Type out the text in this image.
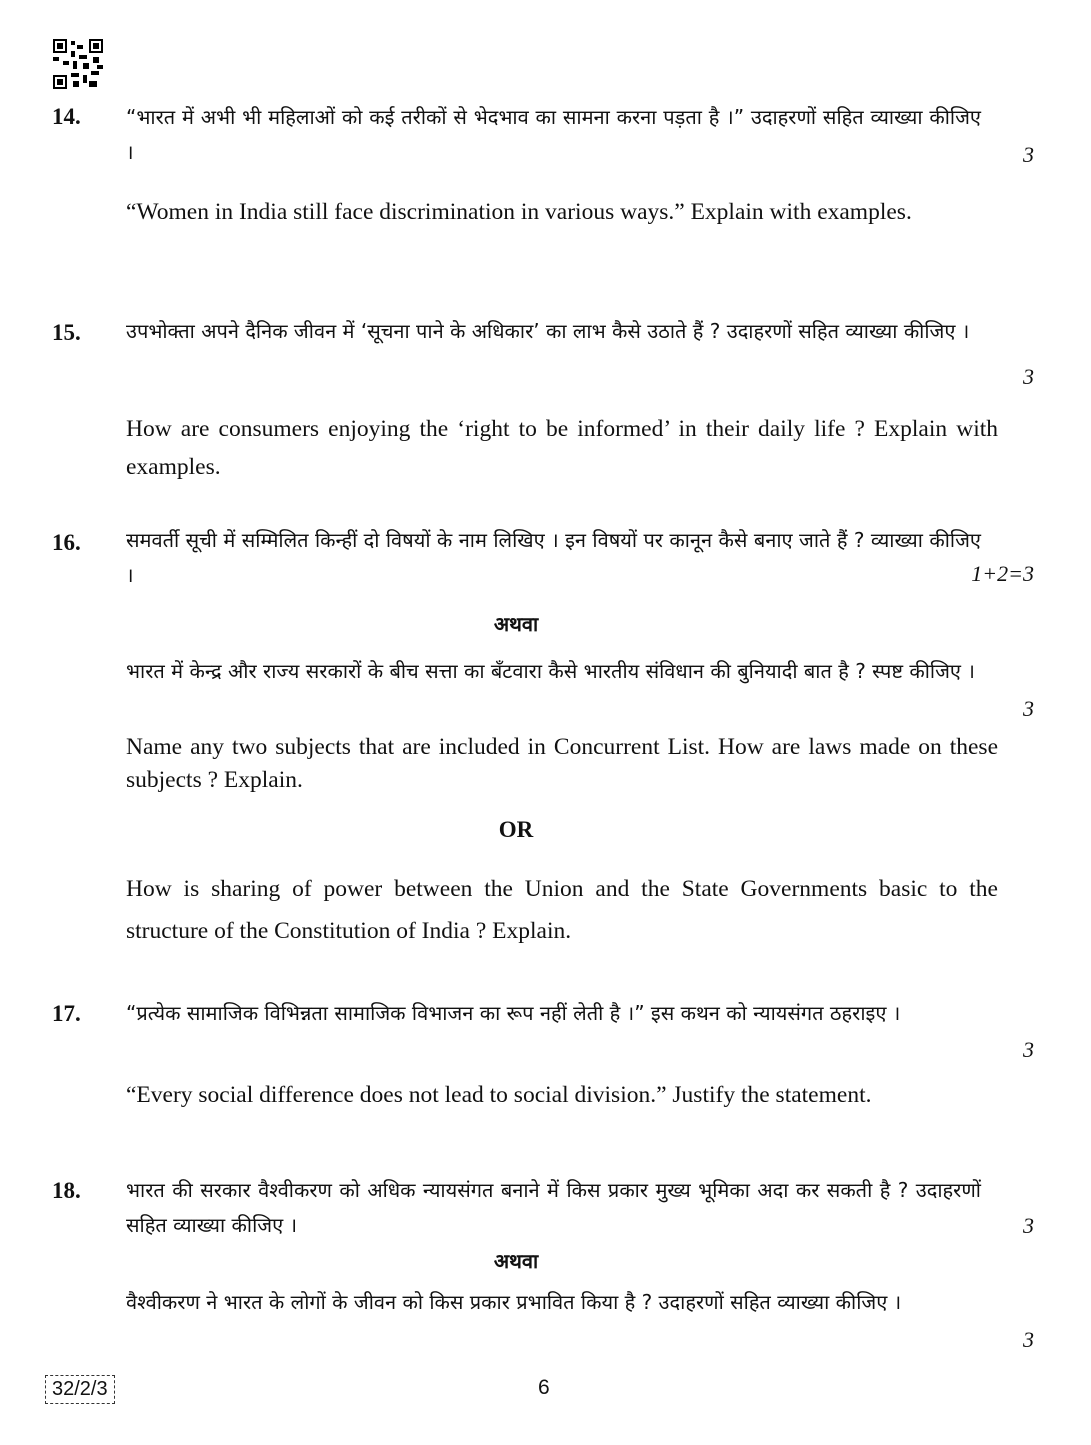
14. “भारत में अभी भी महिलाओं को कई तरीकों से भेदभाव का सामना करना पड़ता है ।” उदाहरणों सहित व्याख्या कीजिए ।	3
“Women in India still face discrimination in various ways.” Explain with examples.
15. उपभोक्ता अपने दैनिक जीवन में ‘सूचना पाने के अधिकार’ का लाभ कैसे उठाते हैं ? उदाहरणों सहित व्याख्या कीजिए ।
3
How are consumers enjoying the ‘right to be informed’ in their daily life ? Explain with examples.
16. समवर्ती सूची में सम्मिलित किन्हीं दो विषयों के नाम लिखिए । इन विषयों पर कानून कैसे बनाए जाते हैं ? व्याख्या कीजिए ।	1+2=3
अथवा
भारत में केन्द्र और राज्य सरकारों के बीच सत्ता का बँटवारा कैसे भारतीय संविधान की बुनियादी बात है ? स्पष्ट कीजिए ।
3
Name any two subjects that are included in Concurrent List. How are laws made on these subjects ? Explain.
OR
How is sharing of power between the Union and the State Governments basic to the structure of the Constitution of India ? Explain.
17. “प्रत्येक सामाजिक विभिन्नता सामाजिक विभाजन का रूप नहीं लेती है ।” इस कथन को न्यायसंगत ठहराइए ।
3
“Every social difference does not lead to social division.” Justify the statement.
18. भारत की सरकार वैश्वीकरण को अधिक न्यायसंगत बनाने में किस प्रकार मुख्य भूमिका अदा कर सकती है ? उदाहरणों सहित व्याख्या कीजिए ।	3
अथवा
वैश्वीकरण ने भारत के लोगों के जीवन को किस प्रकार प्रभावित किया है ? उदाहरणों सहित व्याख्या कीजिए ।
3
32/2/3	6
